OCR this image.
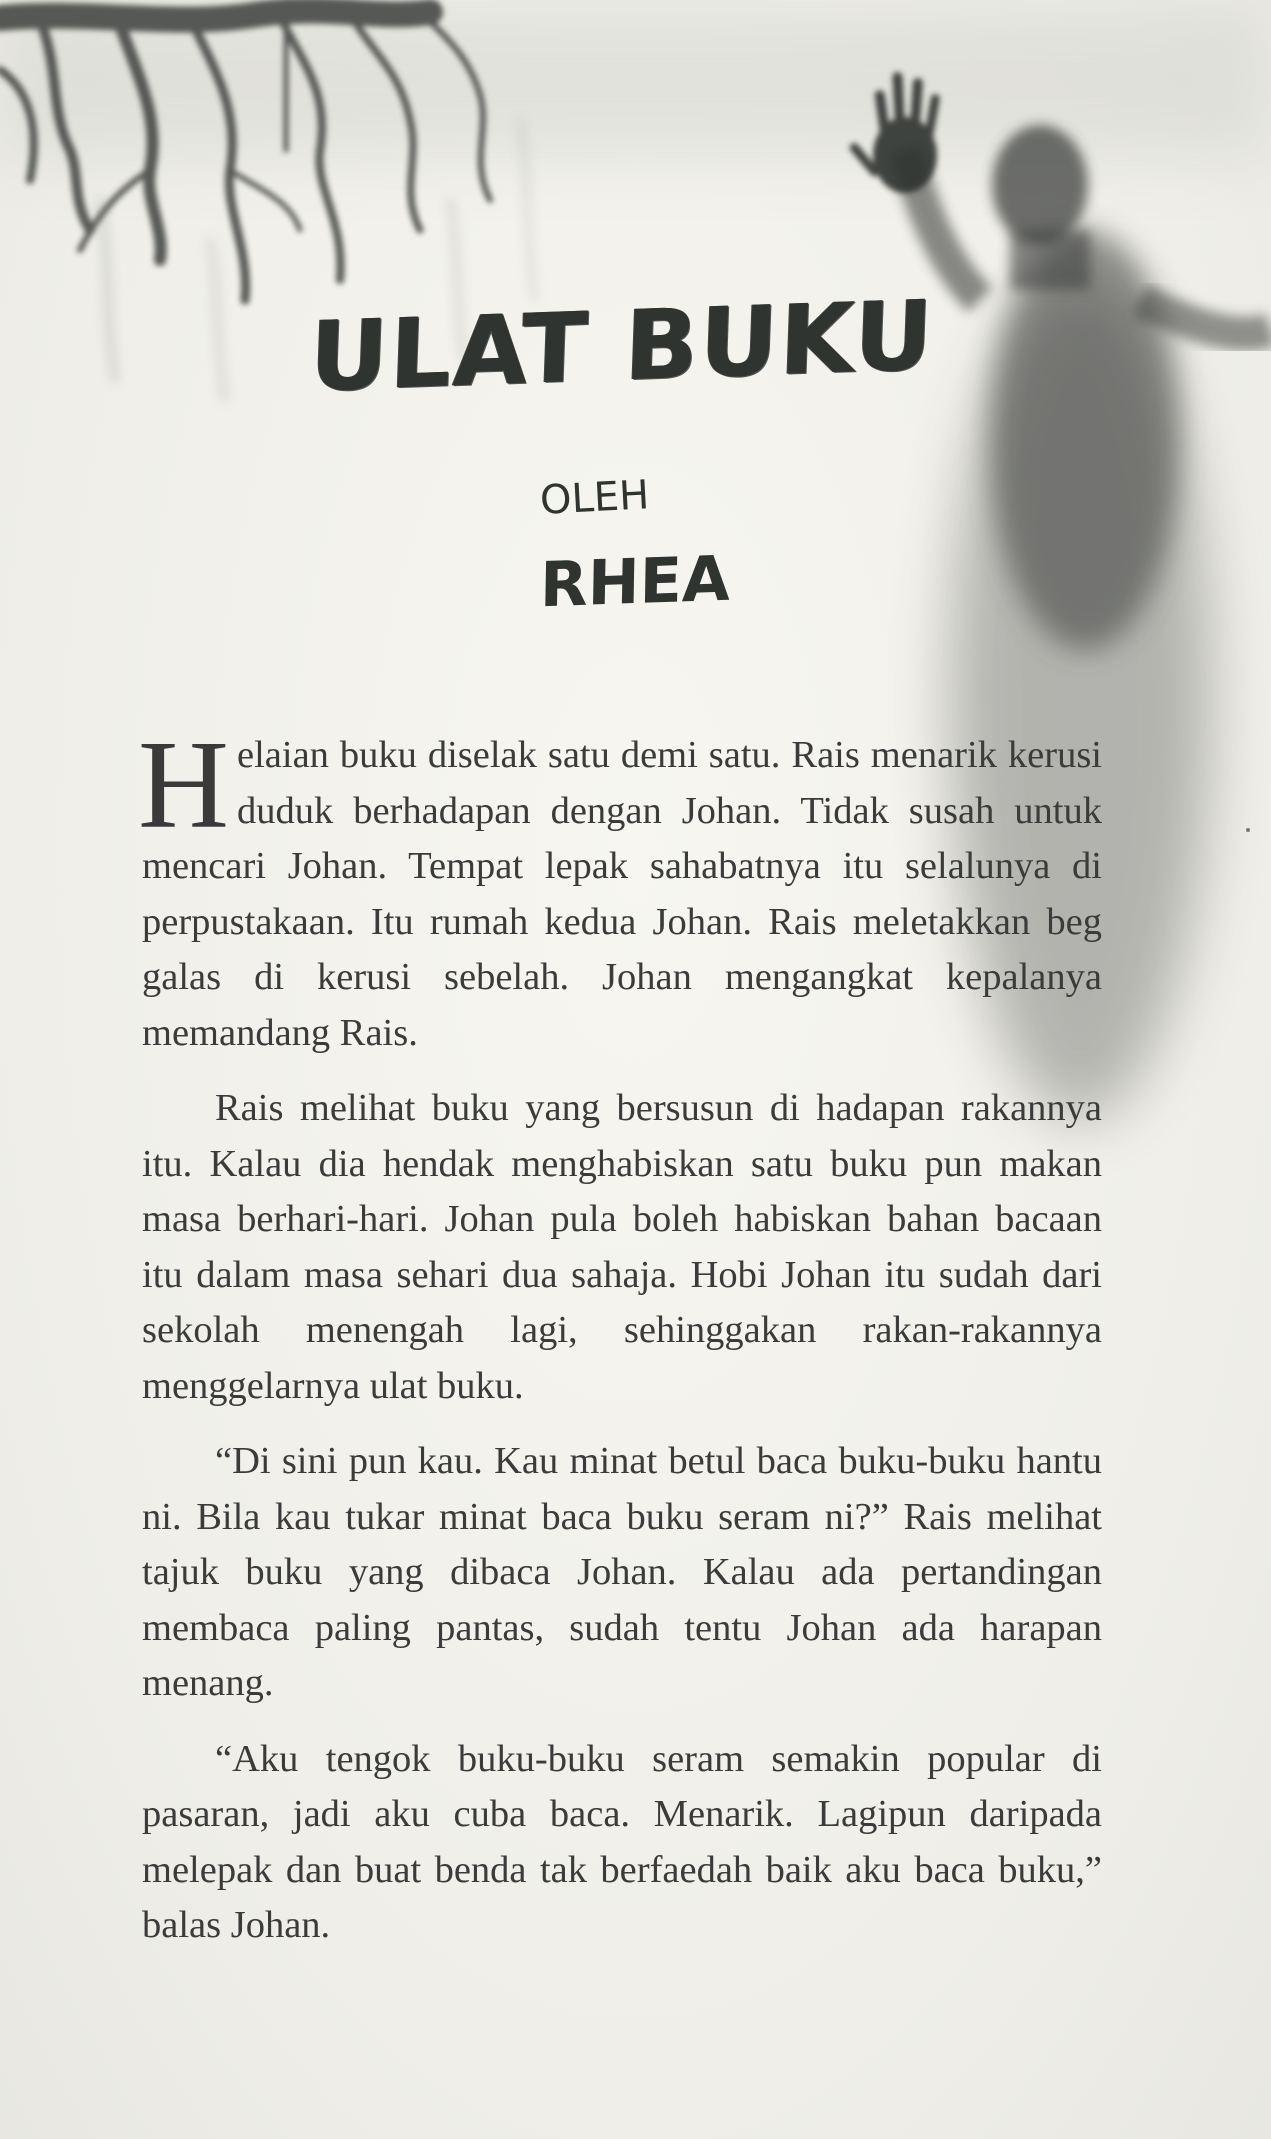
ULAT BUKU
OLEH
RHEA

Helaian buku diselak satu demi satu. Rais menarik kerusi duduk berhadapan dengan Johan. Tidak susah untuk mencari Johan. Tempat lepak sahabatnya itu selalunya di perpustakaan. Itu rumah kedua Johan. Rais meletakkan beg galas di kerusi sebelah. Johan mengangkat kepalanya memandang Rais.

Rais melihat buku yang bersusun di hadapan rakannya itu. Kalau dia hendak menghabiskan satu buku pun makan masa berhari-hari. Johan pula boleh habiskan bahan bacaan itu dalam masa sehari dua sahaja. Hobi Johan itu sudah dari sekolah menengah lagi, sehinggakan rakan-rakannya menggelarnya ulat buku.

“Di sini pun kau. Kau minat betul baca buku-buku hantu ni. Bila kau tukar minat baca buku seram ni?” Rais melihat tajuk buku yang dibaca Johan. Kalau ada pertandingan membaca paling pantas, sudah tentu Johan ada harapan menang.

“Aku tengok buku-buku seram semakin popular di pasaran, jadi aku cuba baca. Menarik. Lagipun daripada melepak dan buat benda tak berfaedah baik aku baca buku,” balas Johan.
